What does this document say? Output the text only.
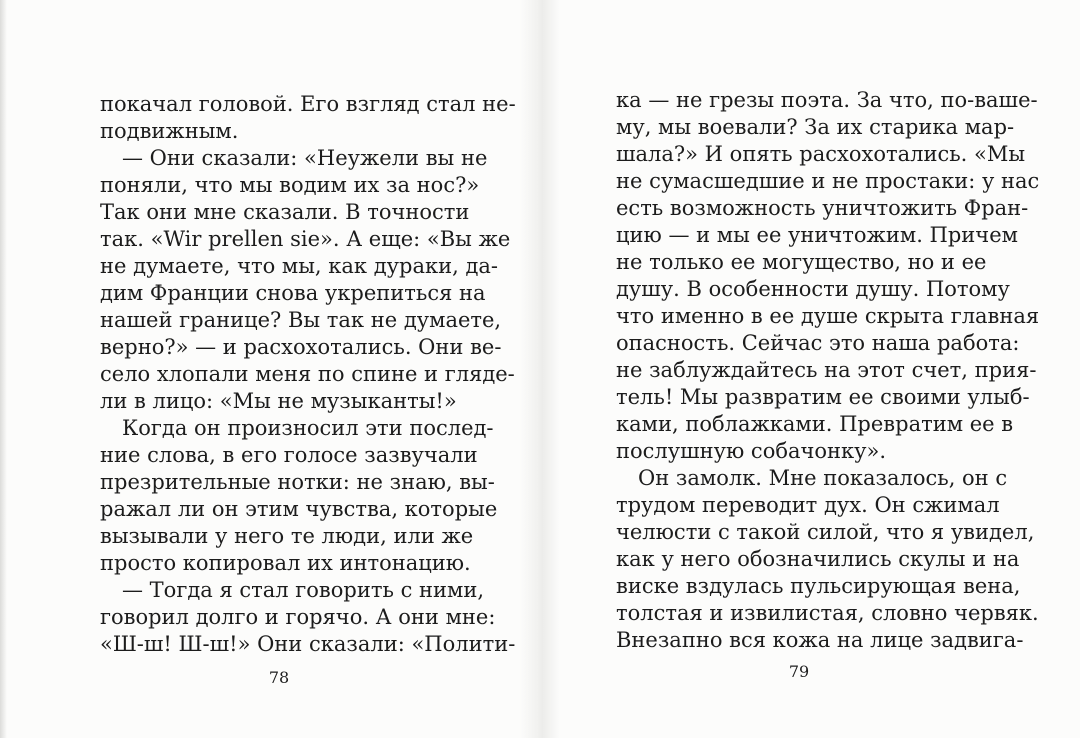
покачал головой. Его взгляд стал не-
подвижным.
— Они сказали: «Неужели вы не
поняли, что мы водим их за нос?»
Так они мне сказали. В точности
так. «Wir prellen sie». А еще: «Вы же
не думаете, что мы, как дураки, да-
дим Франции снова укрепиться на
нашей границе? Вы так не думаете,
верно?» — и расхохотались. Они ве-
село хлопали меня по спине и гляде-
ли в лицо: «Мы не музыканты!»
Когда он произносил эти послед-
ние слова, в его голосе зазвучали
презрительные нотки: не знаю, вы-
ражал ли он этим чувства, которые
вызывали у него те люди, или же
просто копировал их интонацию.
— Тогда я стал говорить с ними,
говорил долго и горячо. А они мне:
«Ш-ш! Ш-ш!» Они сказали: «Полити-
78
ка — не грезы поэта. За что, по-ваше-
му, мы воевали? За их старика мар-
шала?» И опять расхохотались. «Мы
не сумасшедшие и не простаки: у нас
есть возможность уничтожить Фран-
цию — и мы ее уничтожим. Причем
не только ее могущество, но и ее
душу. В особенности душу. Потому
что именно в ее душе скрыта главная
опасность. Сейчас это наша работа:
не заблуждайтесь на этот счет, прия-
тель! Мы развратим ее своими улыб-
ками, поблажками. Превратим ее в
послушную собачонку».
Он замолк. Мне показалось, он с
трудом переводит дух. Он сжимал
челюсти с такой силой, что я увидел,
как у него обозначились скулы и на
виске вздулась пульсирующая вена,
толстая и извилистая, словно червяк.
Внезапно вся кожа на лице задвига-
79
